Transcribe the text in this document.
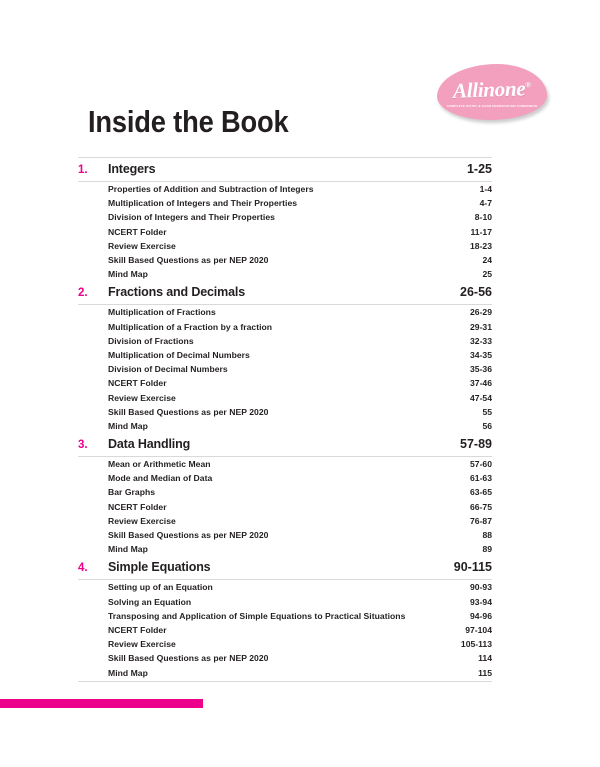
Allinone®
COMPLETE STUDY & EXAM PREPARATION COMPANION
Inside the Book
1.	Integers	1-25
Properties of Addition and Subtraction of Integers	1-4
Multiplication of Integers and Their Properties	4-7
Division of Integers and Their Properties	8-10
NCERT Folder	11-17
Review Exercise	18-23
Skill Based Questions as per NEP 2020	24
Mind Map	25
2.	Fractions and Decimals	26-56
Multiplication of Fractions	26-29
Multiplication of a Fraction by a fraction	29-31
Division of Fractions	32-33
Multiplication of Decimal Numbers	34-35
Division of Decimal Numbers	35-36
NCERT Folder	37-46
Review Exercise	47-54
Skill Based Questions as per NEP 2020	55
Mind Map	56
3.	Data Handling	57-89
Mean or Arithmetic Mean	57-60
Mode and Median of Data	61-63
Bar Graphs	63-65
NCERT Folder	66-75
Review Exercise	76-87
Skill Based Questions as per NEP 2020	88
Mind Map	89
4.	Simple Equations	90-115
Setting up of an Equation	90-93
Solving an Equation	93-94
Transposing and Application of Simple Equations to Practical Situations	94-96
NCERT Folder	97-104
Review Exercise	105-113
Skill Based Questions as per NEP 2020	114
Mind Map	115
